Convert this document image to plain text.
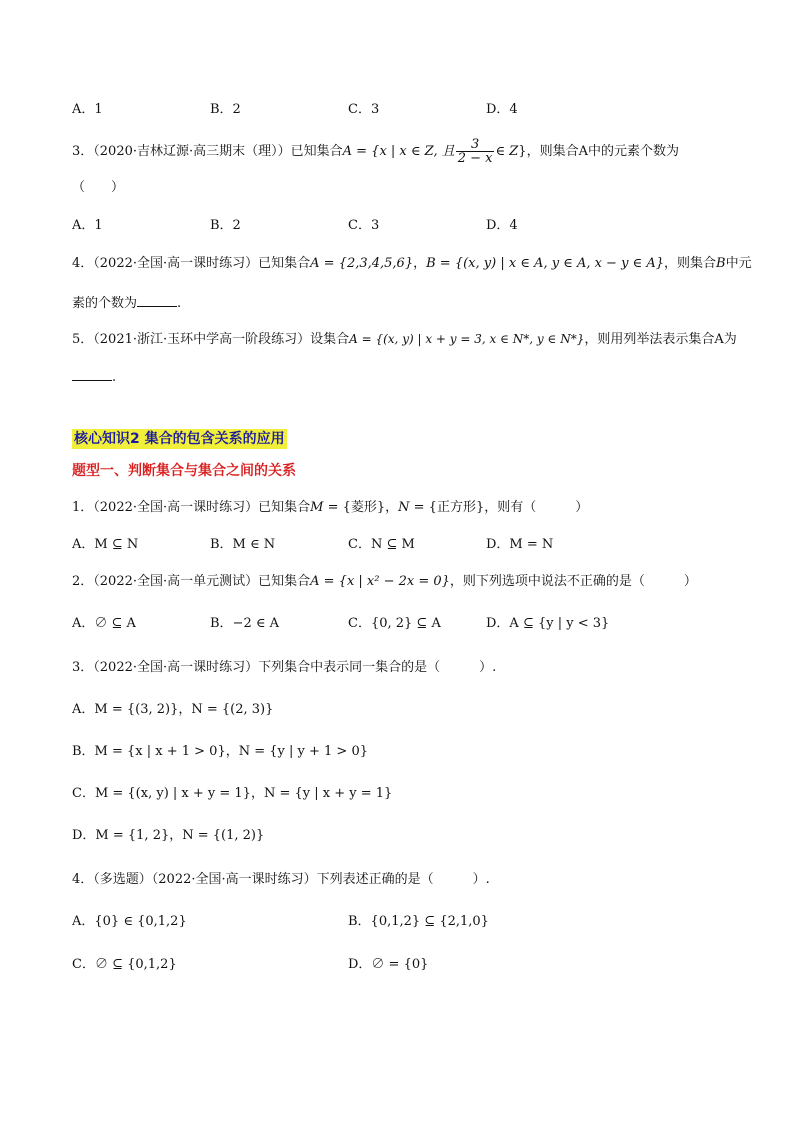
A．1	B．2	C．3	D．4
3．（2020·吉林辽源·高三期末（理））已知集合A = {x | x ∈ Z, 且 $\frac{3}{2 - x}$ ∈ Z}，则集合A中的元素个数为
（　　）
A．1	B．2	C．3	D．4
4．（2022·全国·高一课时练习）已知集合A = {2,3,4,5,6}，B = {(x, y) | x ∈ A, y ∈ A, x − y ∈ A}，则集合B中元
素的个数为	.
5．（2021·浙江·玉环中学高一阶段练习）设集合A = {(x, y) | x + y = 3, x ∈ N*, y ∈ N*}，则用列举法表示集合A为
.
核心知识2 集合的包含关系的应用
题型一、判断集合与集合之间的关系
1．（2022·全国·高一课时练习）已知集合M = {菱形}，N = {正方形}，则有（　　　）
A．M ⊆ N	B．M ∈ N	C．N ⊆ M	D．M = N
2．（2022·全国·高一单元测试）已知集合A = {x | x² − 2x = 0}，则下列选项中说法不正确的是（　　　）
A．∅ ⊆ A	B．−2 ∈ A	C．{0, 2} ⊆ A	D．A ⊆ {y | y < 3}
3．（2022·全国·高一课时练习）下列集合中表示同一集合的是（　　　）.
A．M = {(3, 2)}，N = {(2, 3)}
B．M = {x | x + 1 > 0}，N = {y | y + 1 > 0}
C．M = {(x, y) | x + y = 1}，N = {y | x + y = 1}
D．M = {1, 2}，N = {(1, 2)}
4．（多选题）（2022·全国·高一课时练习）下列表述正确的是（　　　）.
A．{0} ∈ {0,1,2}	B．{0,1,2} ⊆ {2,1,0}
C．∅ ⊆ {0,1,2}	D．∅ = {0}
